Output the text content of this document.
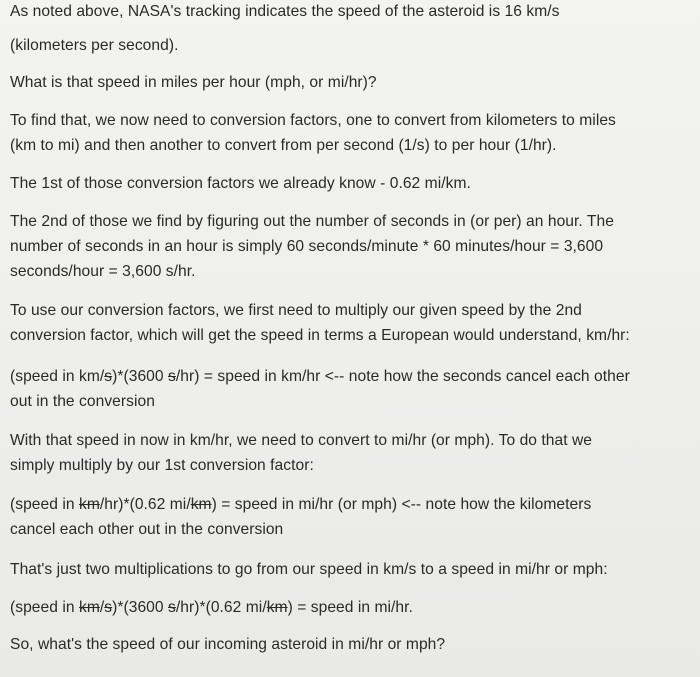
As noted above, NASA's tracking indicates the speed of the asteroid is 16 km/s
(kilometers per second).
What is that speed in miles per hour (mph, or mi/hr)?
To find that, we now need to conversion factors, one to convert from kilometers to miles
(km to mi) and then another to convert from per second (1/s) to per hour (1/hr).
The 1st of those conversion factors we already know - 0.62 mi/km.
The 2nd of those we find by figuring out the number of seconds in (or per) an hour. The
number of seconds in an hour is simply 60 seconds/minute * 60 minutes/hour = 3,600
seconds/hour = 3,600 s/hr.
To use our conversion factors, we first need to multiply our given speed by the 2nd
conversion factor, which will get the speed in terms a European would understand, km/hr:
(speed in km/s)*(3600 s/hr) = speed in km/hr <-- note how the seconds cancel each other
out in the conversion
With that speed in now in km/hr, we need to convert to mi/hr (or mph). To do that we
simply multiply by our 1st conversion factor:
(speed in km/hr)*(0.62 mi/km) = speed in mi/hr (or mph) <-- note how the kilometers
cancel each other out in the conversion
That's just two multiplications to go from our speed in km/s to a speed in mi/hr or mph:
(speed in km/s)*(3600 s/hr)*(0.62 mi/km) = speed in mi/hr.
So, what's the speed of our incoming asteroid in mi/hr or mph?
